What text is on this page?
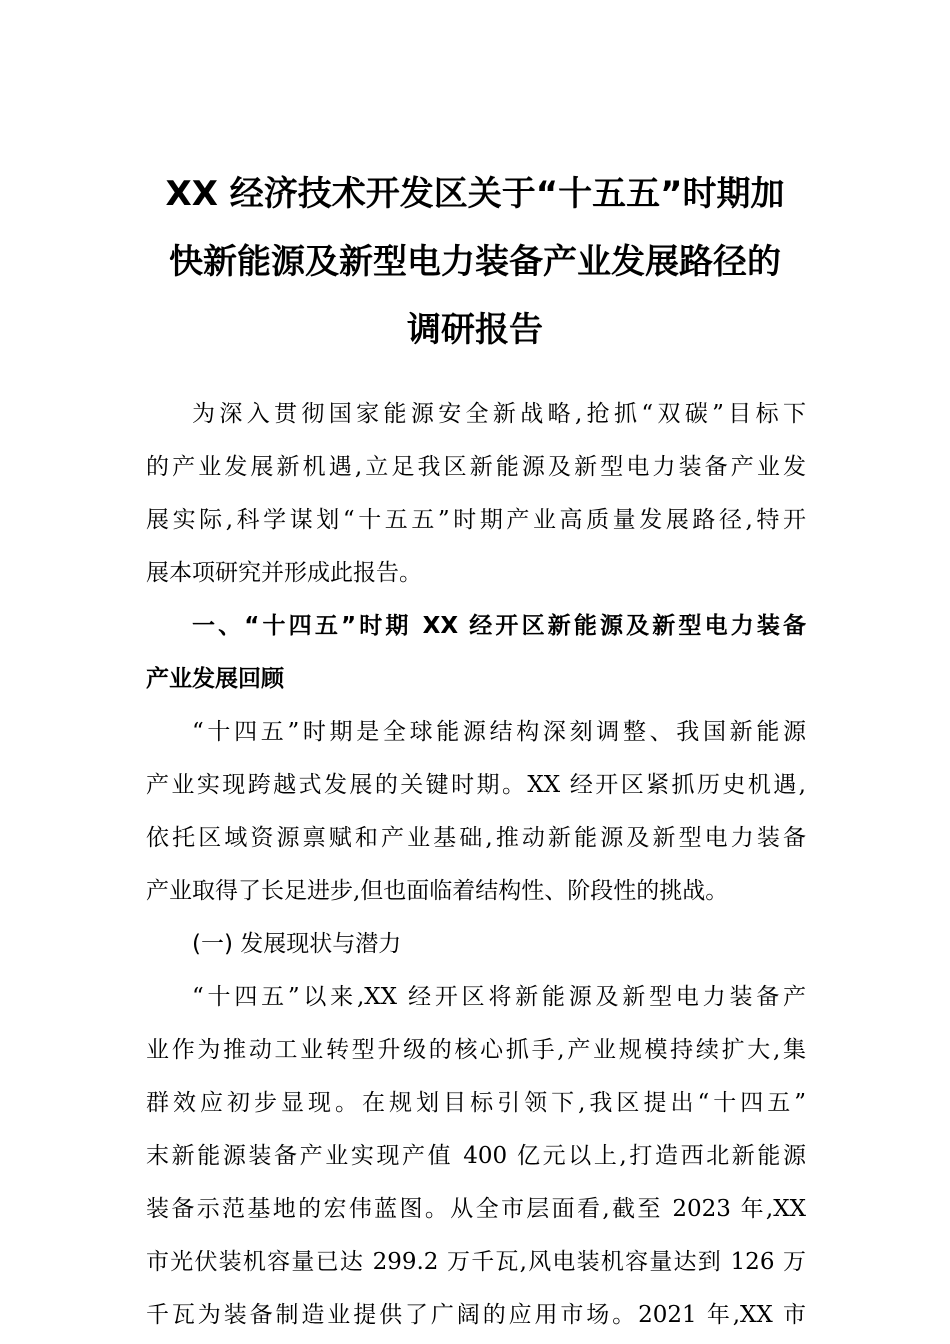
XX 经济技术开发区关于“十五五”时期加
快新能源及新型电力装备产业发展路径的
调研报告
为深入贯彻国家能源安全新战略,抢抓“双碳”目标下
的产业发展新机遇,立足我区新能源及新型电力装备产业发
展实际,科学谋划“十五五”时期产业高质量发展路径,特开
展本项研究并形成此报告。
一、“十四五”时期 XX 经开区新能源及新型电力装备
产业发展回顾
“十四五”时期是全球能源结构深刻调整、我国新能源
产业实现跨越式发展的关键时期。XX 经开区紧抓历史机遇,
依托区域资源禀赋和产业基础,推动新能源及新型电力装备
产业取得了长足进步,但也面临着结构性、阶段性的挑战。
(一) 发展现状与潜力
“十四五”以来,XX 经开区将新能源及新型电力装备产
业作为推动工业转型升级的核心抓手,产业规模持续扩大,集
群效应初步显现。在规划目标引领下,我区提出“十四五”
末新能源装备产业实现产值 400 亿元以上,打造西北新能源
装备示范基地的宏伟蓝图。从全市层面看,截至 2023 年,XX
市光伏装机容量已达 299.2 万千瓦,风电装机容量达到 126 万
千瓦为装备制造业提供了广阔的应用市场。2021 年,XX 市
